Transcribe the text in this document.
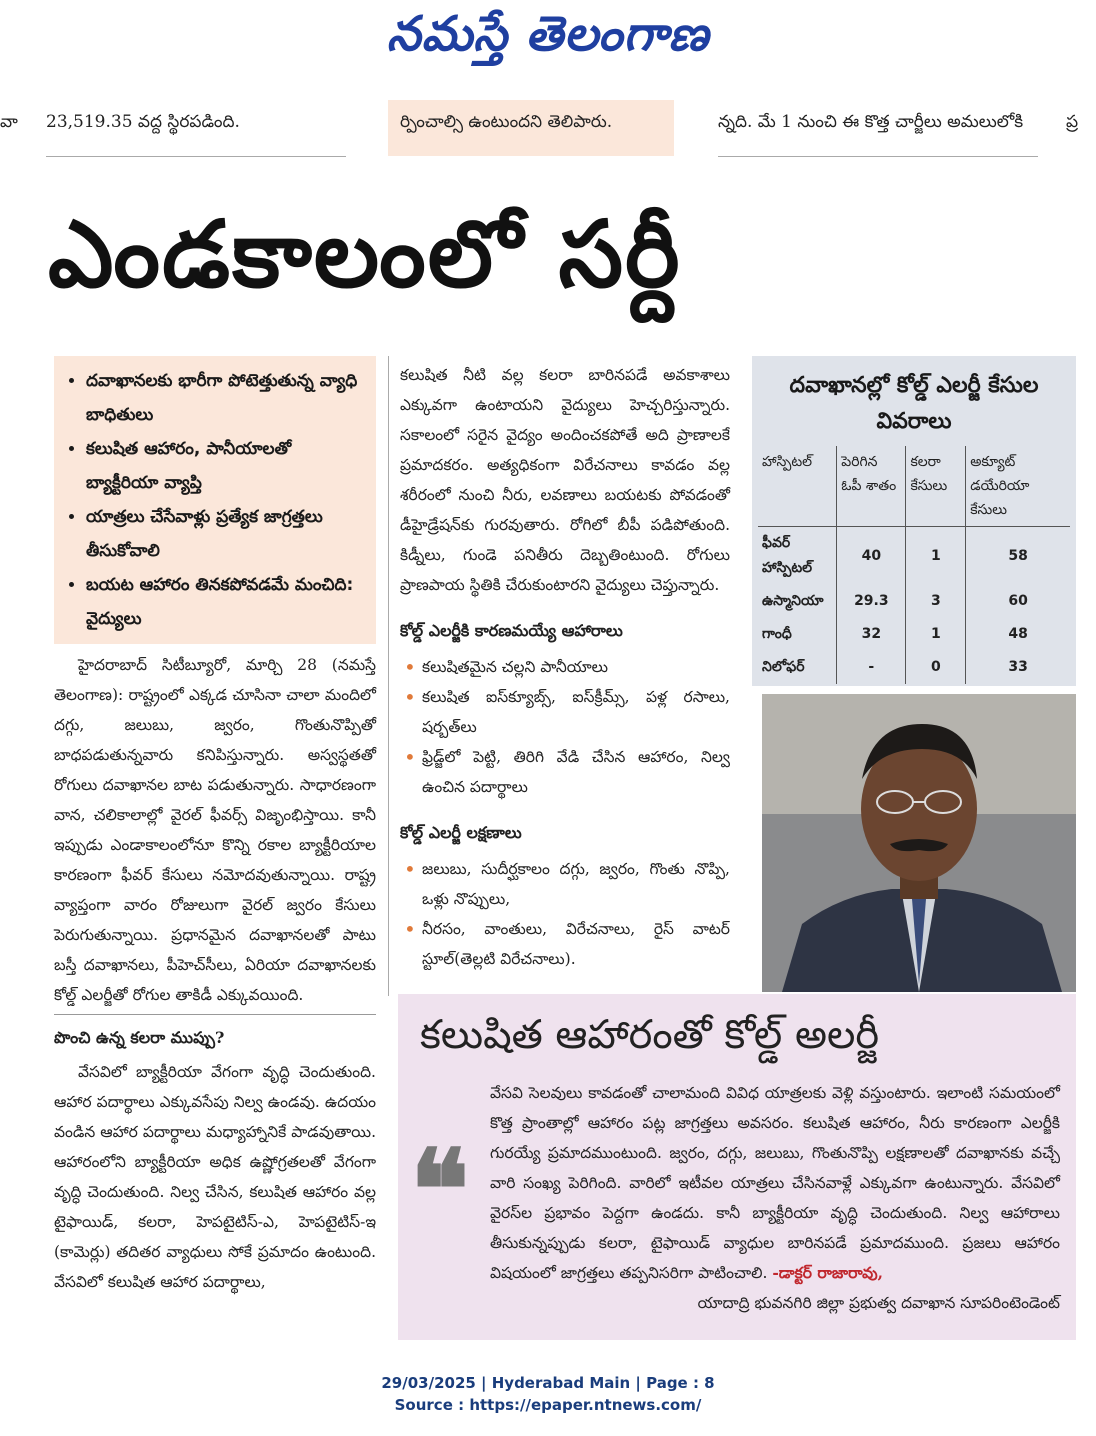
నమస్తే తెలంగాణ
వా	23,519.35 వద్ద స్థిరపడింది.	ర్పించాల్సి ఉంటుందని తెలిపారు.	న్నది. మే 1 నుంచి ఈ కొత్త చార్జీలు అమలులోకి	ప్ర
ఎండకాలంలో సర్దీ
• దవాఖానలకు భారీగా పోటెత్తుతున్న వ్యాధి బాధితులు
• కలుషిత ఆహారం, పానీయాలతో బ్యాక్టీరియా వ్యాప్తి
• యాత్రలు చేసేవాళ్లు ప్రత్యేక జాగ్రత్తలు తీసుకోవాలి
• బయట ఆహారం తినకపోవడమే మంచిది: వైద్యులు

హైదరాబాద్ సిటీబ్యూరో, మార్చి 28 (నమస్తే తెలంగాణ): రాష్ట్రంలో ఎక్కడ చూసినా చాలా మందిలో దగ్గు, జలుబు, జ్వరం, గొంతునొప్పితో బాధపడుతున్నవారు కనిపిస్తున్నారు. అస్వస్థతతో రోగులు దవాఖానల బాట పడుతున్నారు. సాధారణంగా వాన, చలికాలాల్లో వైరల్ ఫీవర్స్ విజృంభిస్తాయి. కానీ ఇప్పుడు ఎండాకాలంలోనూ కొన్ని రకాల బ్యాక్టీరియాల కారణంగా ఫీవర్ కేసులు నమోదవుతున్నాయి. రాష్ట్ర వ్యాప్తంగా వారం రోజులుగా వైరల్ జ్వరం కేసులు పెరుగుతున్నాయి. ప్రధానమైన దవాఖానలతో పాటు బస్తీ దవాఖానలు, పీహెచ్‌సీలు, ఏరియా దవాఖానలకు కోల్డ్ ఎలర్జీతో రోగుల తాకిడీ ఎక్కువయింది.

పొంచి ఉన్న కలరా ముప్పు?

వేసవిలో బ్యాక్టీరియా వేగంగా వృద్ధి చెందుతుంది. ఆహార పదార్థాలు ఎక్కువసేపు నిల్వ ఉండవు. ఉదయం వండిన ఆహార పదార్థాలు మధ్యాహ్నానికే పాడవుతాయి. ఆహారంలోని బ్యాక్టీరియా అధిక ఉష్ణోగ్రతలతో వేగంగా వృద్ధి చెందుతుంది. నిల్వ చేసిన, కలుషిత ఆహారం వల్ల టైఫాయిడ్, కలరా, హెపటైటిస్-ఎ, హెపటైటిస్-ఇ (కామెర్లు) తదితర వ్యాధులు సోకే ప్రమాదం ఉంటుంది. వేసవిలో కలుషిత ఆహార పదార్థాలు,

కలుషిత నీటి వల్ల కలరా బారినపడే అవకాశాలు ఎక్కువగా ఉంటాయని వైద్యులు హెచ్చరిస్తున్నారు. సకాలంలో సరైన వైద్యం అందించకపోతే అది ప్రాణాలకే ప్రమాదకరం. అత్యధికంగా విరేచనాలు కావడం వల్ల శరీరంలో నుంచి నీరు, లవణాలు బయటకు పోవడంతో డీహైడ్రేషన్‌కు గురవుతారు. రోగిలో బీపీ పడిపోతుంది. కిడ్నీలు, గుండె పనితీరు దెబ్బతింటుంది. రోగులు ప్రాణపాయ స్థితికి చేరుకుంటారని వైద్యులు చెప్తున్నారు.

కోల్డ్ ఎలర్జీకి కారణమయ్యే ఆహారాలు
• కలుషితమైన చల్లని పానీయాలు
• కలుషిత ఐస్‌క్యూబ్స్, ఐస్‌క్రీమ్స్, పళ్ల రసాలు, షర్బత్‌లు
• ఫ్రిడ్జ్‌లో పెట్టి, తిరిగి వేడి చేసిన ఆహారం, నిల్వ ఉంచిన పదార్థాలు
కోల్డ్ ఎలర్జీ లక్షణాలు
• జలుబు, సుదీర్ఘకాలం దగ్గు, జ్వరం, గొంతు నొప్పి, ఒళ్లు నొప్పులు,
• నీరసం, వాంతులు, విరేచనాలు, రైస్ వాటర్ స్టూల్(తెల్లటి విరేచనాలు).
దవాఖానల్లో కోల్డ్ ఎలర్జీ కేసుల వివరాలు
హాస్పిటల్	పెరిగిన ఓపీ శాతం	కలరా కేసులు	అక్యూట్ డయేరియా కేసులు
ఫీవర్ హాస్పిటల్	40	1	58
ఉస్మానియా	29.3	3	60
గాంధీ	32	1	48
నిలోఫర్	-	0	33
కలుషిత ఆహారంతో కోల్డ్ అలర్జీ
❝
వేసవి సెలవులు కావడంతో చాలామంది వివిధ యాత్రలకు వెళ్లి వస్తుంటారు. ఇలాంటి సమయంలో కొత్త ప్రాంతాల్లో ఆహారం పట్ల జాగ్రత్తలు అవసరం. కలుషిత ఆహారం, నీరు కారణంగా ఎలర్జీకి గురయ్యే ప్రమాదముంటుంది. జ్వరం, దగ్గు, జలుబు, గొంతునొప్పి లక్షణాలతో దవాఖానకు వచ్చే వారి సంఖ్య పెరిగింది. వారిలో ఇటీవల యాత్రలు చేసినవాళ్లే ఎక్కువగా ఉంటున్నారు. వేసవిలో వైరస్‌ల ప్రభావం పెద్దగా ఉండదు. కానీ బ్యాక్టీరియా వృద్ధి చెందుతుంది. నిల్వ ఆహారాలు తీసుకున్నప్పుడు కలరా, టైఫాయిడ్ వ్యాధుల బారినపడే ప్రమాదముంది. ప్రజలు ఆహారం విషయంలో జాగ్రత్తలు తప్పనిసరిగా పాటించాలి. -డాక్టర్ రాజారావు,
యాదాద్రి భువనగిరి జిల్లా ప్రభుత్వ దవాఖాన సూపరింటెండెంట్
29/03/2025 | Hyderabad Main | Page : 8
Source : https://epaper.ntnews.com/
